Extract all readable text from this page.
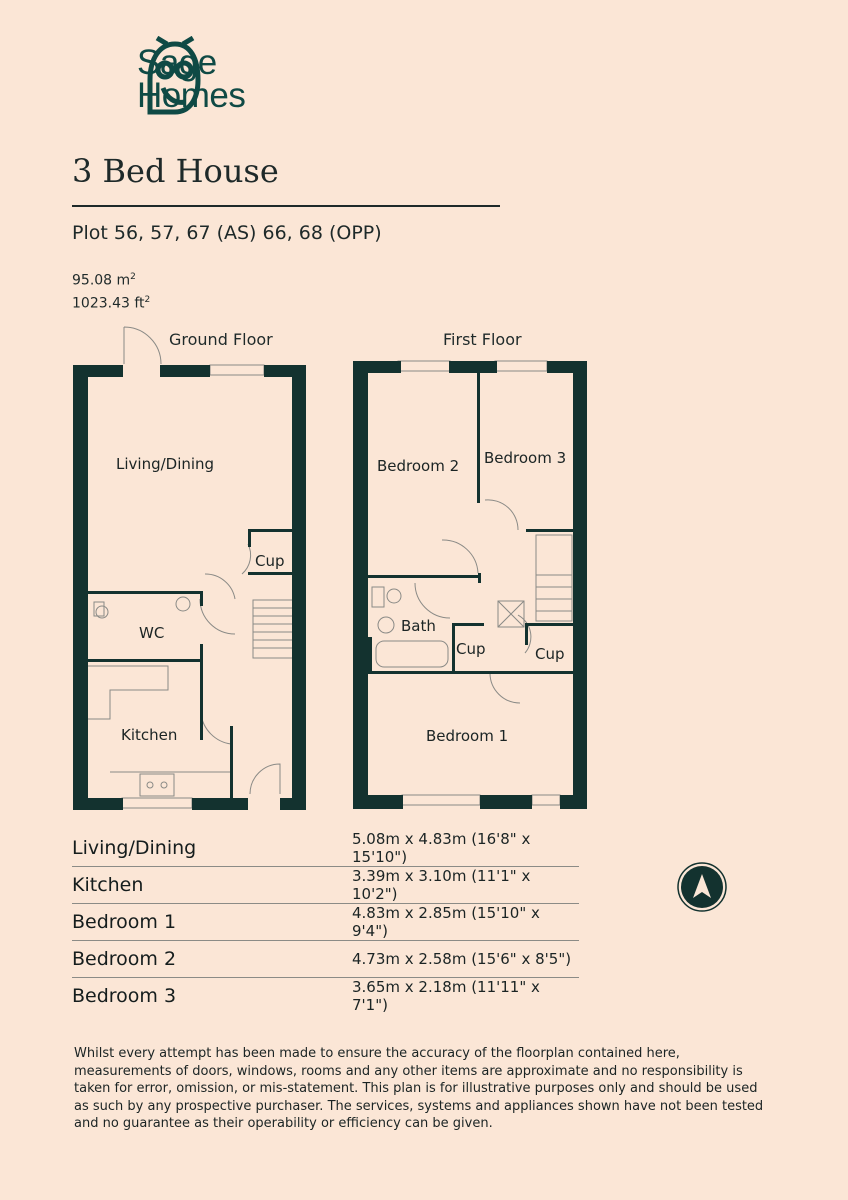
Sage
Homes
3 Bed House
Plot 56, 57, 67 (AS) 66, 68 (OPP)
95.08 $m^2$
1023.43 $ft^2$
Ground Floor	First Floor
Living/Dining
Cup
WC
Kitchen
Bedroom 2 Bedroom 3
Bath
Cup	Cup
Bedroom 1
Living/Dining	5.08m x 4.83m (16'8" x 15'10")
Kitchen	3.39m x 3.10m (11'1" x 10'2")
Bedroom 1	4.83m x 2.85m (15'10" x 9'4")
Bedroom 2	4.73m x 2.58m (15'6" x 8'5")
Bedroom 3	3.65m x 2.18m (11'11" x 7'1")
Whilst every attempt has been made to ensure the accuracy of the floorplan contained here, measurements of doors, windows, rooms and any other items are approximate and no responsibility is taken for error, omission, or mis-statement. This plan is for illustrative purposes only and should be used as such by any prospective purchaser. The services, systems and appliances shown have not been tested and no guarantee as their operability or efficiency can be given.
